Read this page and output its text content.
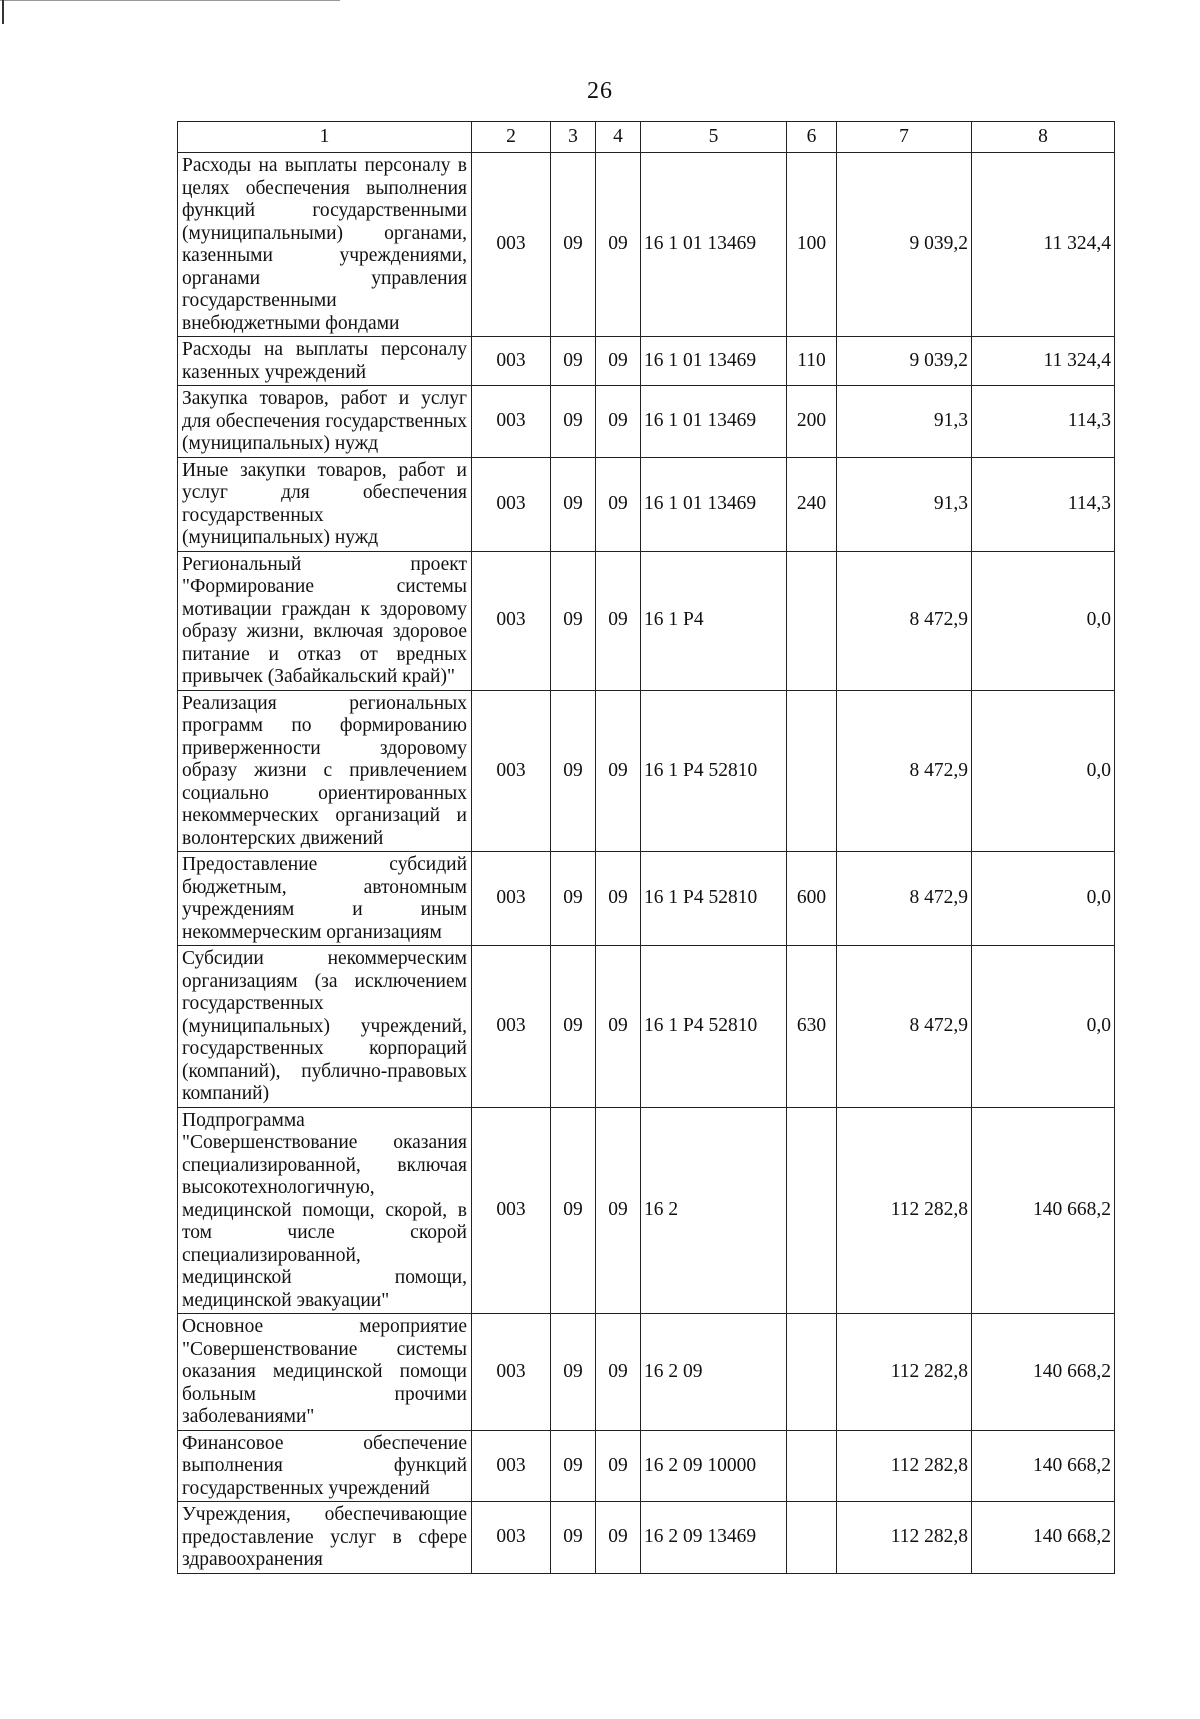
26
1	2	3	4	5	6	7	8
Расходы на выплаты персоналу в целях обеспечения выполнения функций государственными (муниципальными) органами, казенными учреждениями, органами управления государственными внебюджетными фондами	003	09	09	16 1 01 13469	100	9 039,2	11 324,4
Расходы на выплаты персоналу казенных учреждений	003	09	09	16 1 01 13469	110	9 039,2	11 324,4
Закупка товаров, работ и услуг для обеспечения государственных (муниципальных) нужд	003	09	09	16 1 01 13469	200	91,3	114,3
Иные закупки товаров, работ и услуг для обеспечения государственных (муниципальных) нужд	003	09	09	16 1 01 13469	240	91,3	114,3
Региональный проект "Формирование системы мотивации граждан к здоровому образу жизни, включая здоровое питание и отказ от вредных привычек (Забайкальский край)"	003	09	09	16 1 P4		8 472,9	0,0
Реализация региональных программ по формированию приверженности здоровому образу жизни с привлечением социально ориентированных некоммерческих организаций и волонтерских движений	003	09	09	16 1 P4 52810		8 472,9	0,0
Предоставление субсидий бюджетным, автономным учреждениям и иным некоммерческим организациям	003	09	09	16 1 P4 52810	600	8 472,9	0,0
Субсидии некоммерческим организациям (за исключением государственных (муниципальных) учреждений, государственных корпораций (компаний), публично-правовых компаний)	003	09	09	16 1 P4 52810	630	8 472,9	0,0
Подпрограмма "Совершенствование оказания специализированной, включая высокотехнологичную, медицинской помощи, скорой, в том числе скорой специализированной, медицинской помощи, медицинской эвакуации"	003	09	09	16 2		112 282,8	140 668,2
Основное мероприятие "Совершенствование системы оказания медицинской помощи больным прочими заболеваниями"	003	09	09	16 2 09		112 282,8	140 668,2
Финансовое обеспечение выполнения функций государственных учреждений	003	09	09	16 2 09 10000		112 282,8	140 668,2
Учреждения, обеспечивающие предоставление услуг в сфере здравоохранения	003	09	09	16 2 09 13469		112 282,8	140 668,2
